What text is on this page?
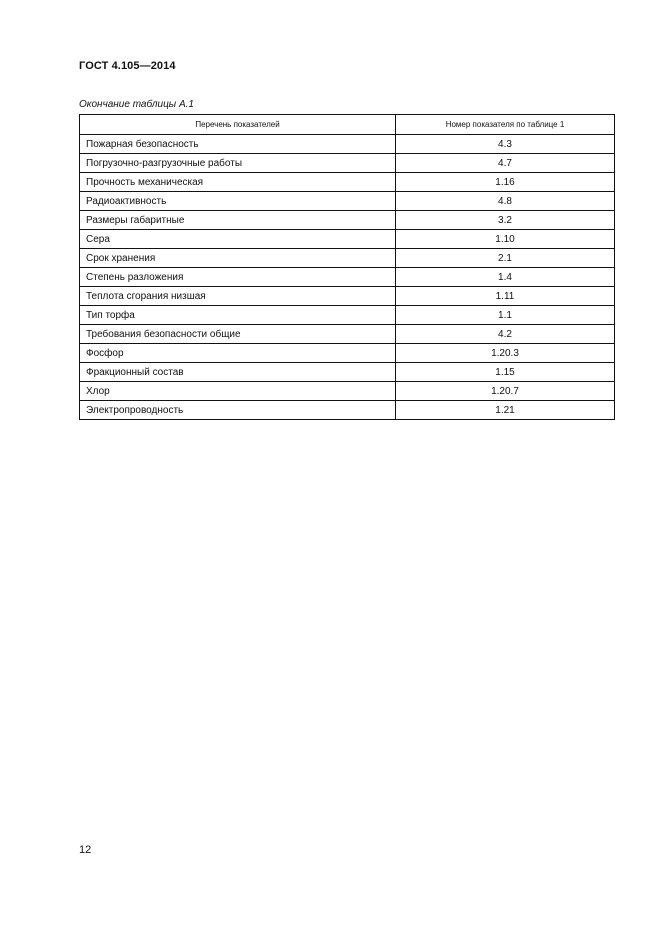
ГОСТ 4.105—2014
Окончание таблицы А.1
Перечень показателей	Номер показателя по таблице 1
Пожарная безопасность	4.3
Погрузочно-разгрузочные работы	4.7
Прочность механическая	1.16
Радиоактивность	4.8
Размеры габаритные	3.2
Сера	1.10
Срок хранения	2.1
Степень разложения	1.4
Теплота сгорания низшая	1.11
Тип торфа	1.1
Требования безопасности общие	4.2
Фосфор	1.20.3
Фракционный состав	1.15
Хлор	1.20.7
Электропроводность	1.21
12
